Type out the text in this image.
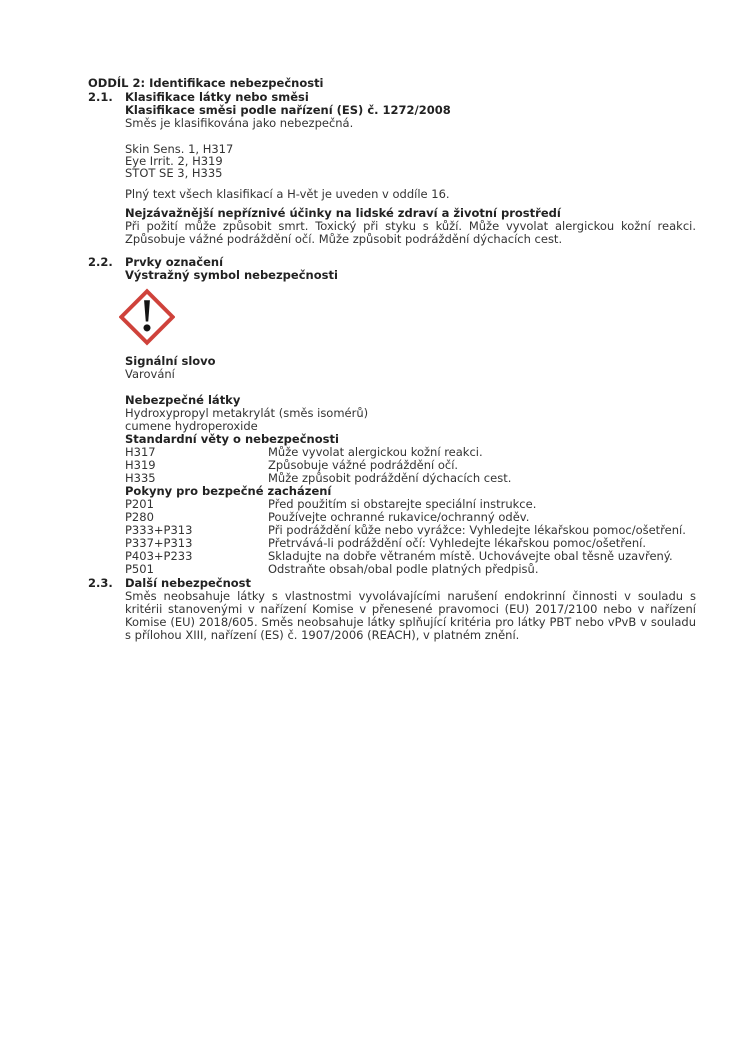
ODDÍL 2: Identifikace nebezpečnosti
2.1.	Klasifikace látky nebo směsi
Klasifikace směsi podle nařízení (ES) č. 1272/2008
Směs je klasifikována jako nebezpečná.
Skin Sens. 1, H317
Eye Irrit. 2, H319
STOT SE 3, H335
Plný text všech klasifikací a H-vět je uveden v oddíle 16.
Nejzávažnější nepříznivé účinky na lidské zdraví a životní prostředí

Při požití může způsobit smrt. Toxický při styku s kůží. Může vyvolat alergickou kožní reakci. Způsobuje vážné podráždění očí. Může způsobit podráždění dýchacích cest.

2.2.	Prvky označení
Výstražný symbol nebezpečnosti
Signální slovo
Varování
Nebezpečné látky
Hydroxypropyl metakrylát (směs isomérů)
cumene hydroperoxide
Standardní věty o nebezpečnosti
H317	Může vyvolat alergickou kožní reakci.
H319	Způsobuje vážné podráždění očí.
H335	Může způsobit podráždění dýchacích cest.
Pokyny pro bezpečné zacházení
P201	Před použitím si obstarejte speciální instrukce.
P280	Používejte ochranné rukavice/ochranný oděv.
P333+P313	Při podráždění kůže nebo vyrážce: Vyhledejte lékařskou pomoc/ošetření.
P337+P313	Přetrvává-li podráždění očí: Vyhledejte lékařskou pomoc/ošetření.
P403+P233	Skladujte na dobře větraném místě. Uchovávejte obal těsně uzavřený.
P501	Odstraňte obsah/obal podle platných předpisů.
2.3.	Další nebezpečnost

Směs neobsahuje látky s vlastnostmi vyvolávajícími narušení endokrinní činnosti v souladu s kritérii stanovenými v nařízení Komise v přenesené pravomoci (EU) 2017/2100 nebo v nařízení Komise (EU) 2018/605. Směs neobsahuje látky splňující kritéria pro látky PBT nebo vPvB v souladu s přílohou XIII, nařízení (ES) č. 1907/2006 (REACH), v platném znění.
